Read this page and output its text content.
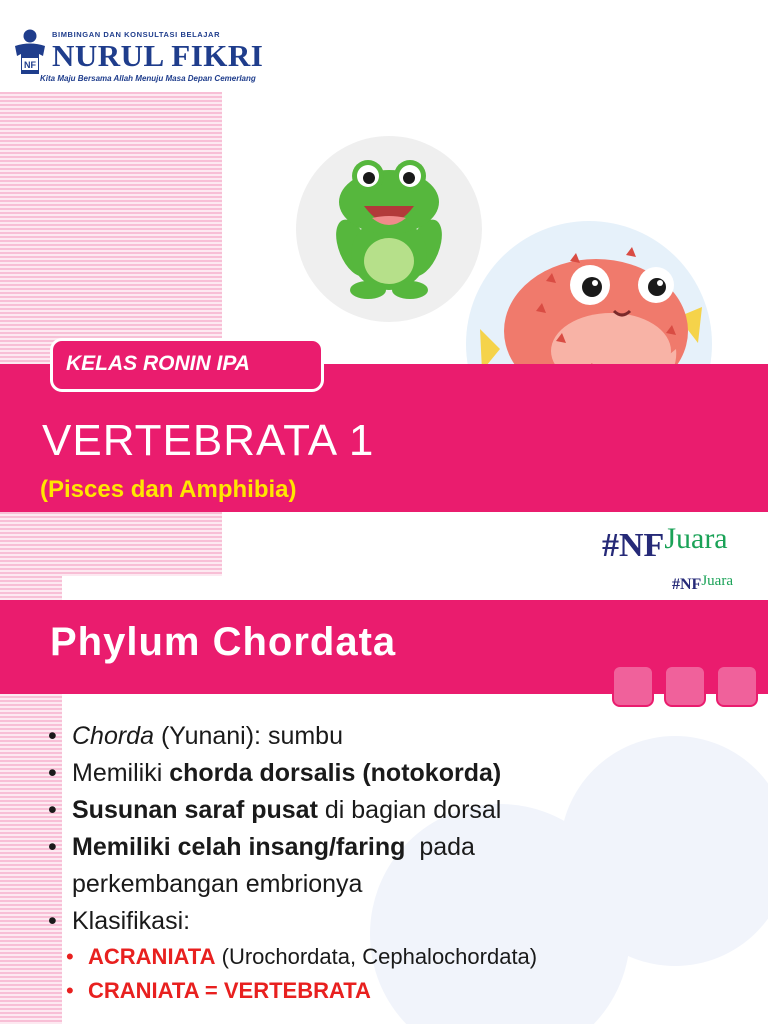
NF
BIMBINGAN DAN KONSULTASI BELAJAR
NURUL FIKRI
Kita Maju Bersama Allah Menuju Masa Depan Cemerlang
KELAS RONIN IPA
VERTEBRATA 1
(Pisces dan Amphibia)
#NFJuara
Phylum Chordata
• Chorda (Yunani): sumbu
• Memiliki chorda dorsalis (notokorda)
• Susunan saraf pusat di bagian dorsal
• Memiliki celah insang/faring  pada
perkembangan embrionya
• Klasifikasi:
• ACRANIATA (Urochordata, Cephalochordata)
• CRANIATA = VERTEBRATA
#NFJuara
